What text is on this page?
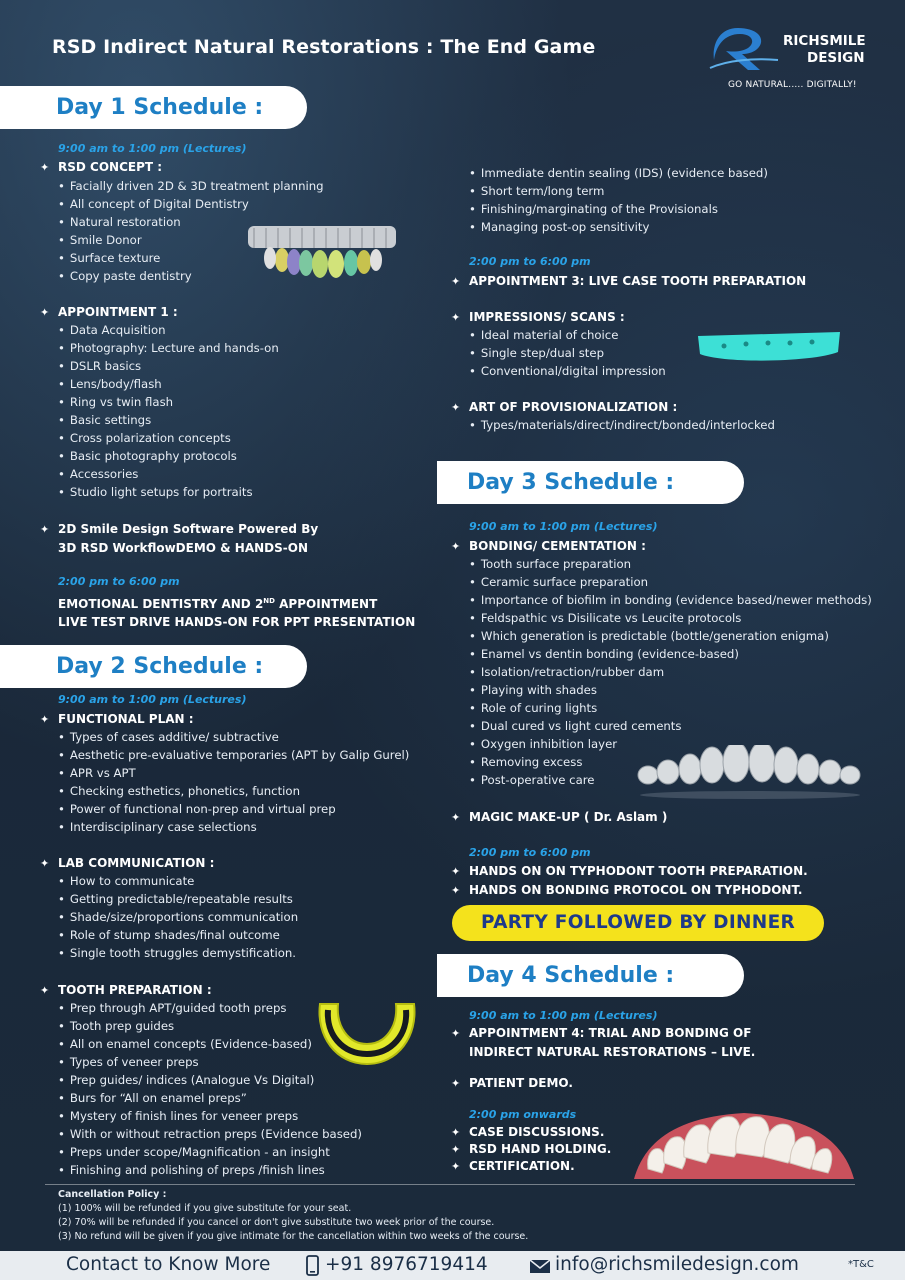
RSD Indirect Natural Restorations : The End Game	RICHSMILE
DESIGN
GO NATURAL..... DIGITALLY!
Day 1 Schedule :
9:00 am to 1:00 pm (Lectures)
✦ RSD CONCEPT :
• Facially driven 2D & 3D treatment planning
• All concept of Digital Dentistry
• Natural restoration
• Smile Donor
• Surface texture
• Copy paste dentistry
✦ APPOINTMENT 1 :
• Data Acquisition
• Photography: Lecture and hands-on
• DSLR basics
• Lens/body/flash
• Ring vs twin flash
• Basic settings
• Cross polarization concepts
• Basic photography protocols
• Accessories
• Studio light setups for portraits
✦ 2D Smile Design Software Powered By
3D RSD WorkflowDEMO & HANDS-ON
2:00 pm to 6:00 pm
EMOTIONAL DENTISTRY AND 2ND APPOINTMENT
LIVE TEST DRIVE HANDS-ON FOR PPT PRESENTATION
Day 2 Schedule :
9:00 am to 1:00 pm (Lectures)
✦ FUNCTIONAL PLAN :
• Types of cases additive/ subtractive
• Aesthetic pre-evaluative temporaries (APT by Galip Gurel)
• APR vs APT
• Checking esthetics, phonetics, function
• Power of functional non-prep and virtual prep
• Interdisciplinary case selections
✦ LAB COMMUNICATION :
• How to communicate
• Getting predictable/repeatable results
• Shade/size/proportions communication
• Role of stump shades/final outcome
• Single tooth struggles demystification.
✦ TOOTH PREPARATION :
• Prep through APT/guided tooth preps
• Tooth prep guides
• All on enamel concepts (Evidence-based)
• Types of veneer preps
• Prep guides/ indices (Analogue Vs Digital)
• Burs for “All on enamel preps”
• Mystery of finish lines for veneer preps
• With or without retraction preps (Evidence based)
• Preps under scope/Magnification - an insight
• Finishing and polishing of preps /finish lines
• Immediate dentin sealing (IDS) (evidence based)
• Short term/long term
• Finishing/marginating of the Provisionals
• Managing post-op sensitivity
2:00 pm to 6:00 pm
✦ APPOINTMENT 3: LIVE CASE TOOTH PREPARATION
✦ IMPRESSIONS/ SCANS :
• Ideal material of choice
• Single step/dual step
• Conventional/digital impression
✦ ART OF PROVISIONALIZATION :
• Types/materials/direct/indirect/bonded/interlocked
Day 3 Schedule :
9:00 am to 1:00 pm (Lectures)
✦ BONDING/ CEMENTATION :
• Tooth surface preparation
• Ceramic surface preparation
• Importance of biofilm in bonding (evidence based/newer methods)
• Feldspathic vs Disilicate vs Leucite protocols
• Which generation is predictable (bottle/generation enigma)
• Enamel vs dentin bonding (evidence-based)
• Isolation/retraction/rubber dam
• Playing with shades
• Role of curing lights
• Dual cured vs light cured cements
• Oxygen inhibition layer
• Removing excess
• Post-operative care
✦ MAGIC MAKE-UP ( Dr. Aslam )
2:00 pm to 6:00 pm
✦ HANDS ON ON TYPHODONT TOOTH PREPARATION.
✦ HANDS ON BONDING PROTOCOL ON TYPHODONT.
PARTY FOLLOWED BY DINNER
Day 4 Schedule :
9:00 am to 1:00 pm (Lectures)
✦ APPOINTMENT 4: TRIAL AND BONDING OF
INDIRECT NATURAL RESTORATIONS – LIVE.
✦ PATIENT DEMO.
2:00 pm onwards
✦ CASE DISCUSSIONS.
✦ RSD HAND HOLDING.
✦ CERTIFICATION.
Cancellation Policy :
(1) 100% will be refunded if you give substitute for your seat.
(2) 70% will be refunded if you cancel or don't give substitute two week prior of the course.
(3) No refund will be given if you give intimate for the cancellation within two weeks of the course.
Contact to Know More	+91 8976719414	info@richsmiledesign.com	*T&C
